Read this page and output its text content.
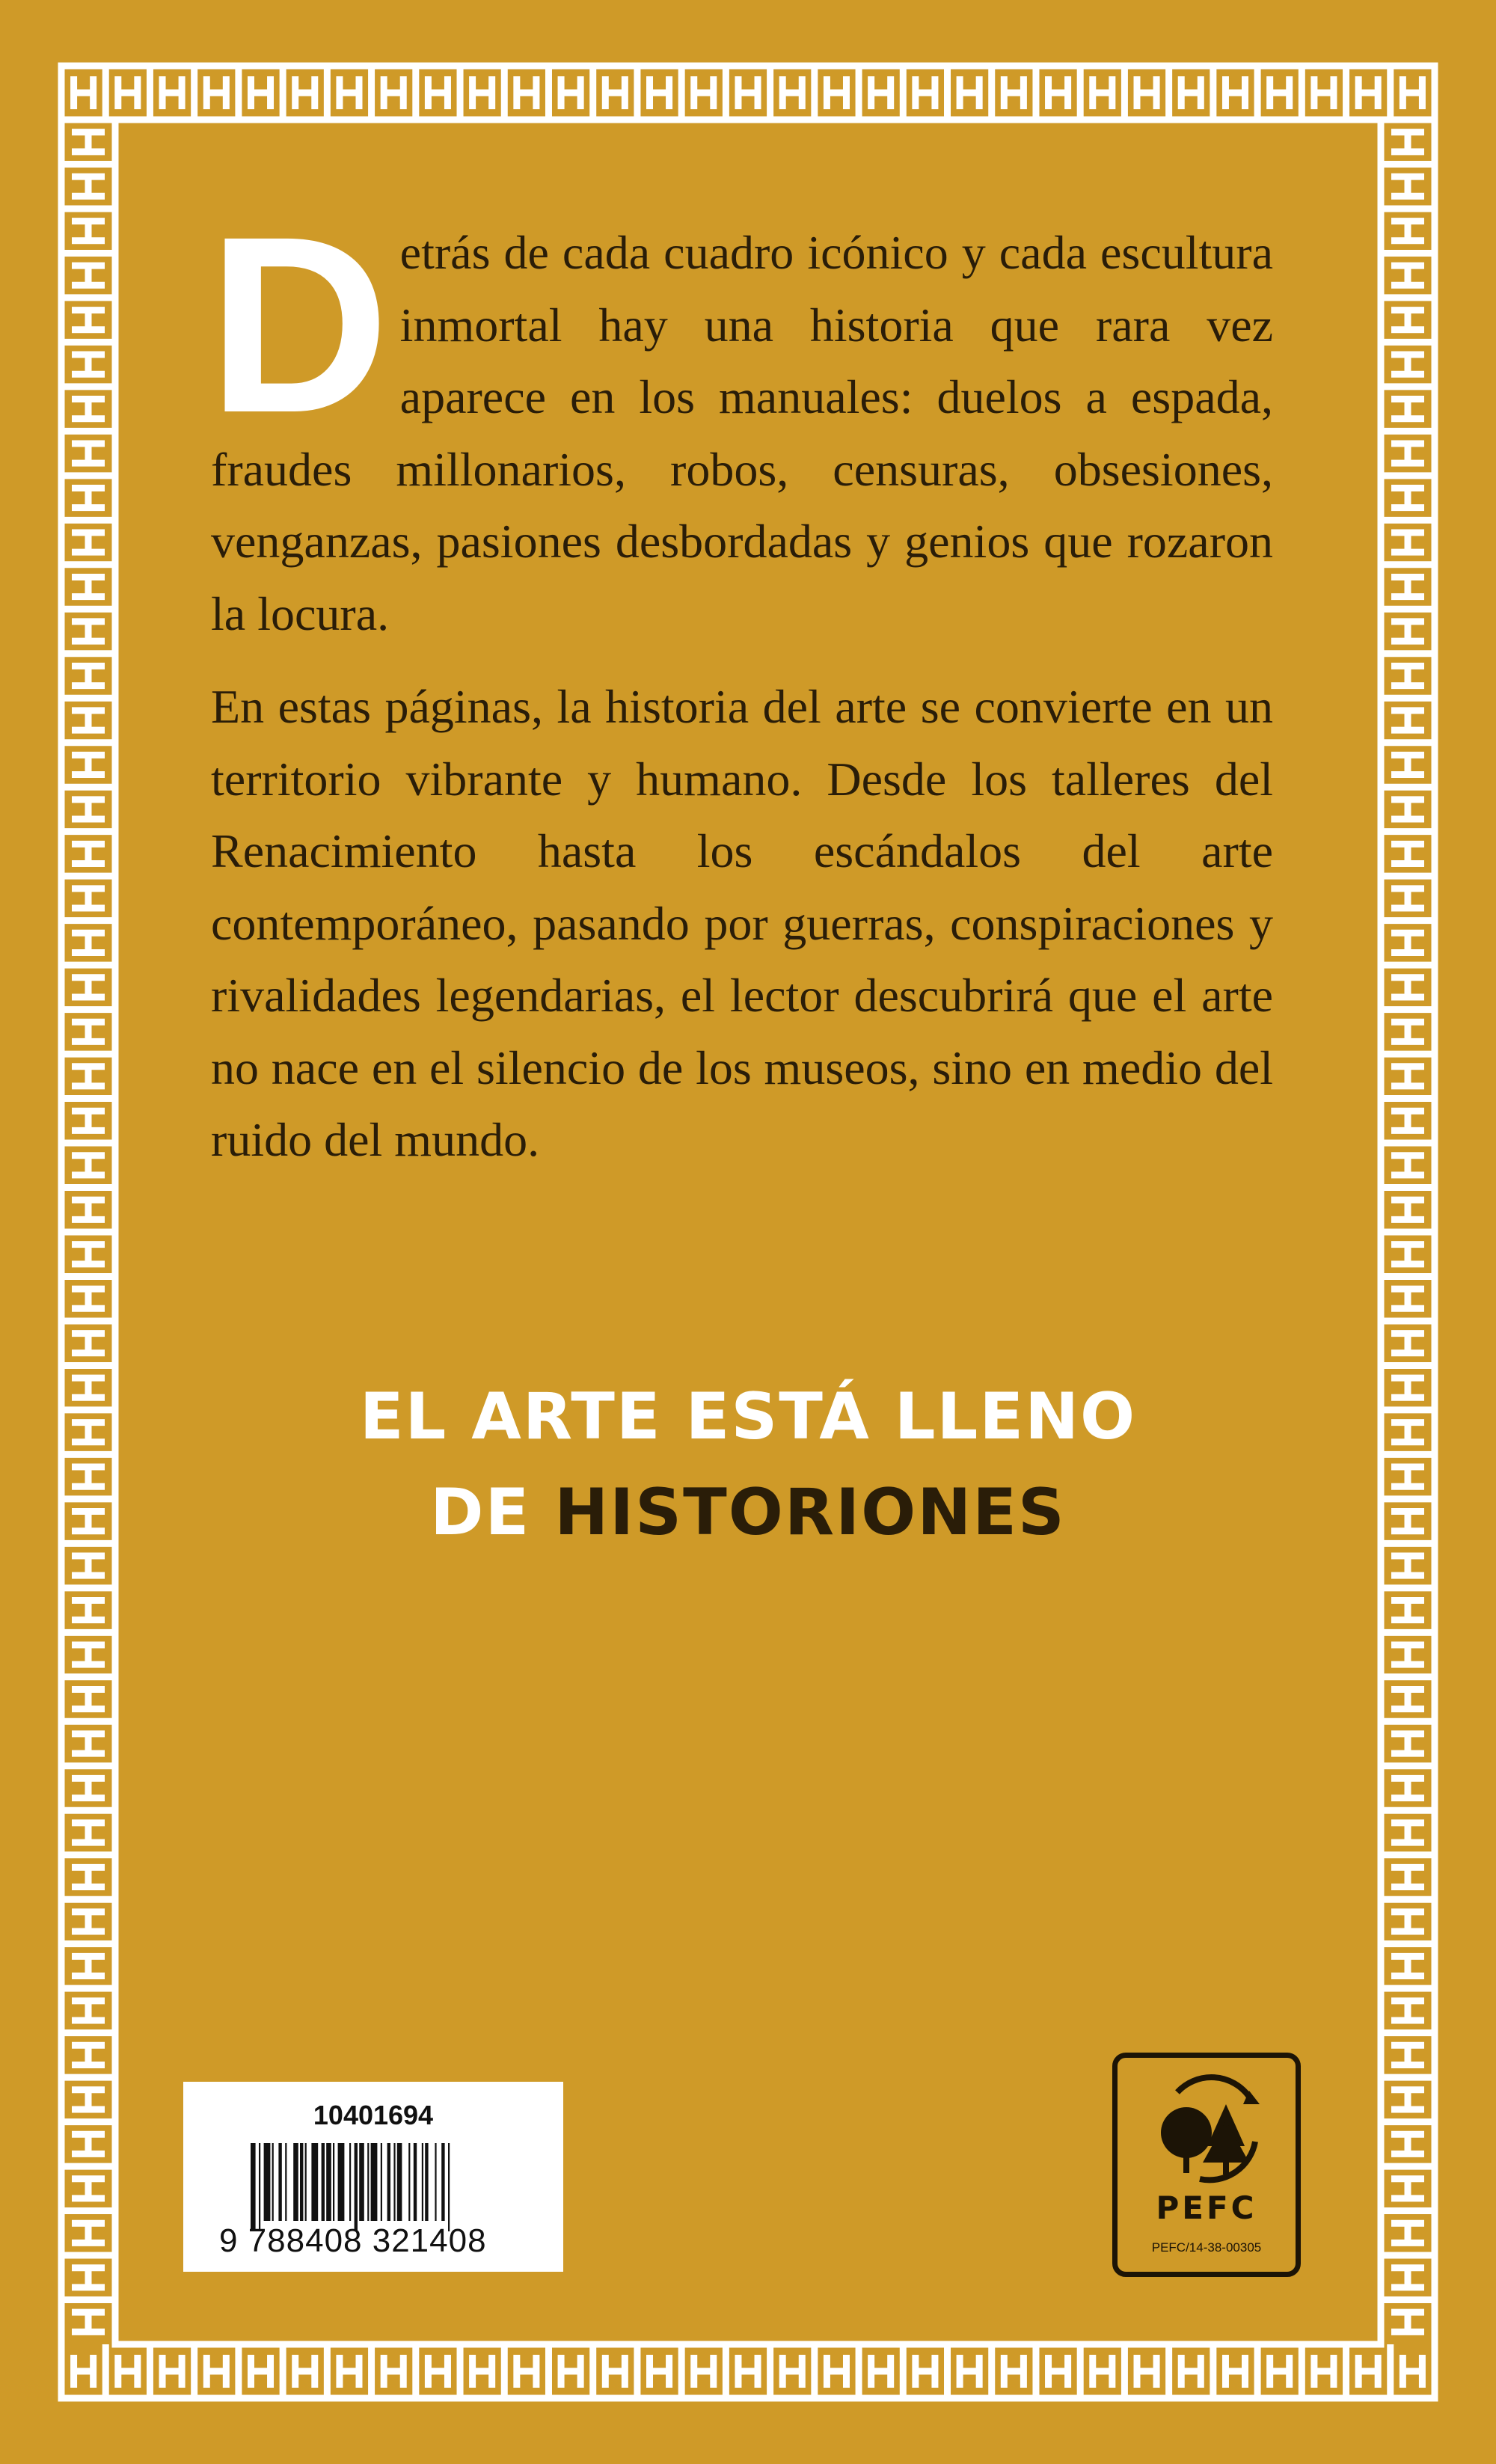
Detrás de cada cuadro icónico y cada escultura inmortal hay una historia que rara vez aparece en los manuales: duelos a espada, fraudes millonarios, robos, censuras, obsesiones, venganzas, pasiones desbordadas y genios que rozaron la locura.

En estas páginas, la historia del arte se convierte en un territorio vibrante y humano. Desde los talleres del Renacimiento hasta los escándalos del arte contemporáneo, pasando por guerras, conspiraciones y rivalidades legendarias, el lector descubrirá que el arte no nace en el silencio de los museos, sino en medio del ruido del mundo.

EL ARTE ESTÁ LLENO
DE HISTORIONES
10401694
9 788408 321408
PEFC
PEFC/14-38-00305
